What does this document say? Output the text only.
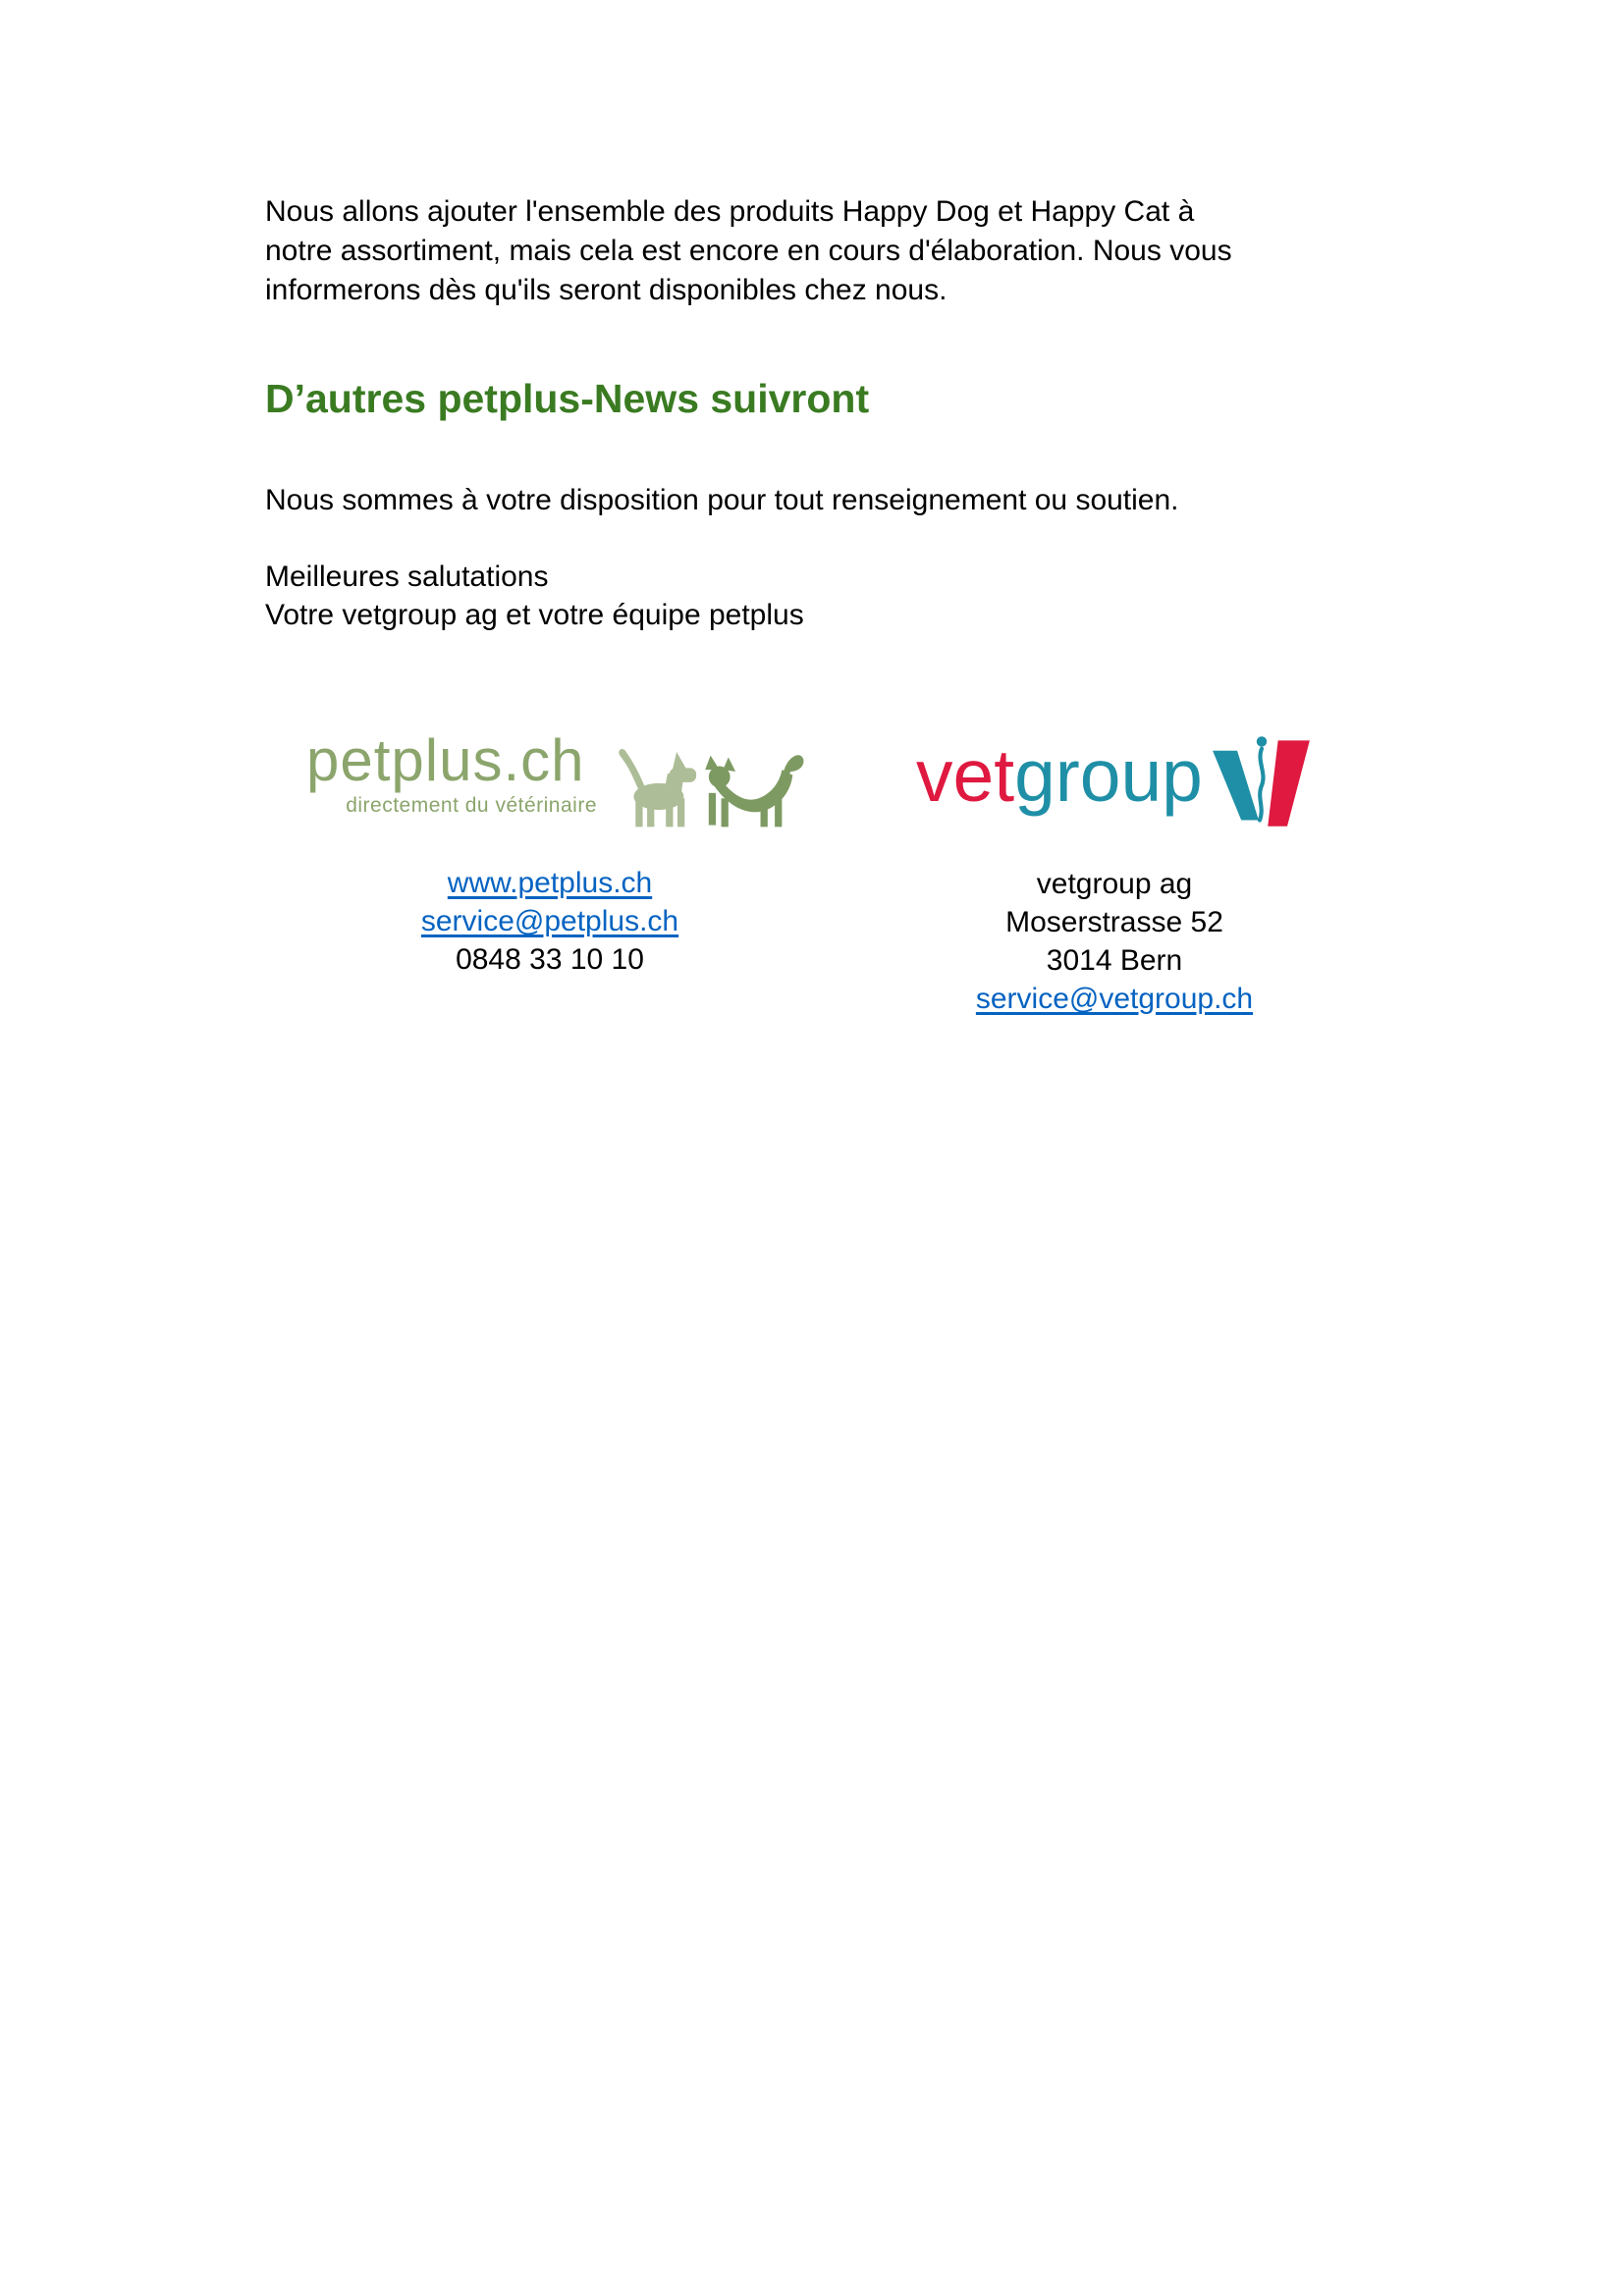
Nous allons ajouter l'ensemble des produits Happy Dog et Happy Cat à
notre assortiment, mais cela est encore en cours d'élaboration. Nous vous
informerons dès qu'ils seront disponibles chez nous.
D’autres petplus-News suivront
Nous sommes à votre disposition pour tout renseignement ou soutien.
Meilleures salutations
Votre vetgroup ag et votre équipe petplus
petplus.ch
directement du vétérinaire	vetgroup
www.petplus.ch
service@petplus.ch
0848 33 10 10
vetgroup ag
Moserstrasse 52
3014 Bern
service@vetgroup.ch
